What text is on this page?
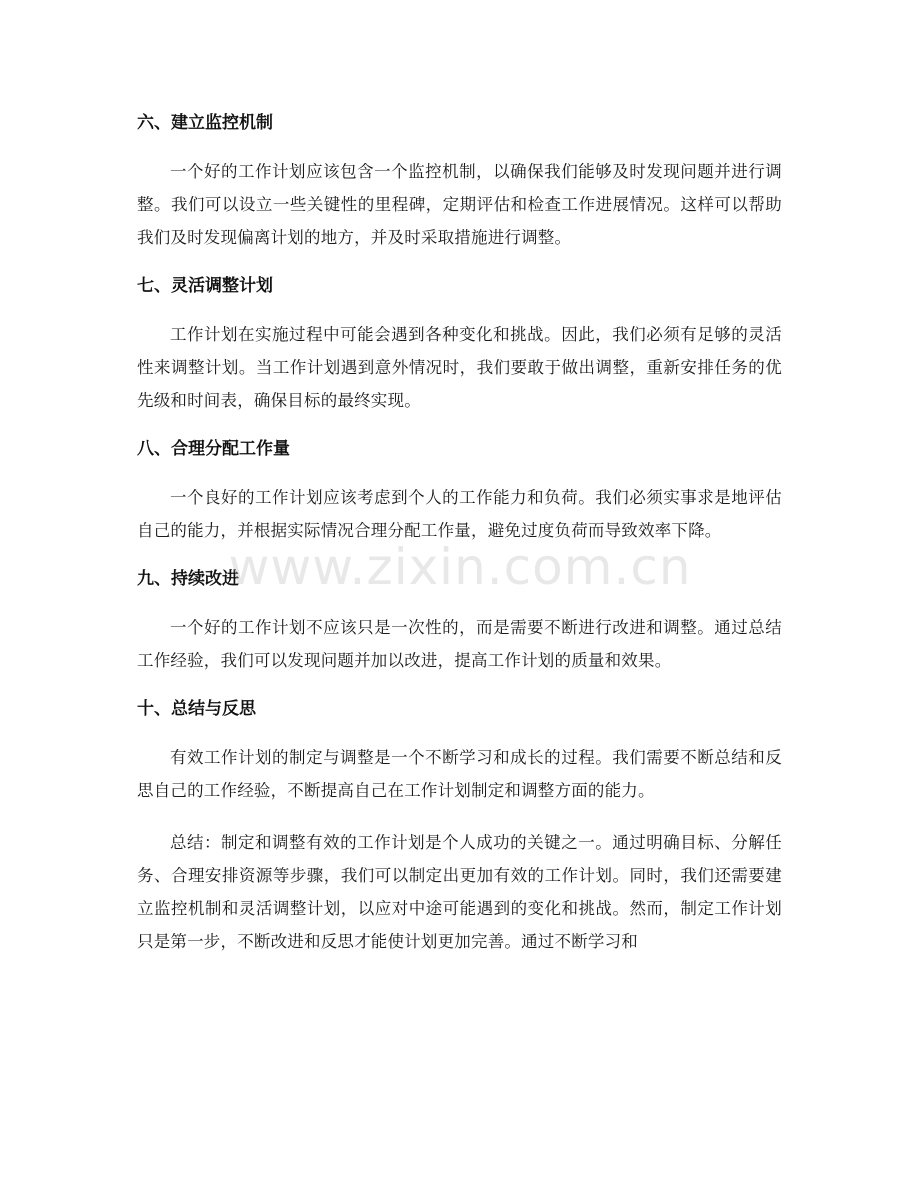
六、建立监控机制

一个好的工作计划应该包含一个监控机制，以确保我们能够及时发现问题并进行调整。我们可以设立一些关键性的里程碑，定期评估和检查工作进展情况。这样可以帮助我们及时发现偏离计划的地方，并及时采取措施进行调整。

七、灵活调整计划

工作计划在实施过程中可能会遇到各种变化和挑战。因此，我们必须有足够的灵活性来调整计划。当工作计划遇到意外情况时，我们要敢于做出调整，重新安排任务的优先级和时间表，确保目标的最终实现。

八、合理分配工作量

一个良好的工作计划应该考虑到个人的工作能力和负荷。我们必须实事求是地评估自己的能力，并根据实际情况合理分配工作量，避免过度负荷而导致效率下降。

九、持续改进

一个好的工作计划不应该只是一次性的，而是需要不断进行改进和调整。通过总结工作经验，我们可以发现问题并加以改进，提高工作计划的质量和效果。

十、总结与反思

有效工作计划的制定与调整是一个不断学习和成长的过程。我们需要不断总结和反思自己的工作经验，不断提高自己在工作计划制定和调整方面的能力。

总结：制定和调整有效的工作计划是个人成功的关键之一。通过明确目标、分解任务、合理安排资源等步骤，我们可以制定出更加有效的工作计划。同时，我们还需要建立监控机制和灵活调整计划，以应对中途可能遇到的变化和挑战。然而，制定工作计划只是第一步，不断改进和反思才能使计划更加完善。通过不断学习和

www.zixin.com.cn
